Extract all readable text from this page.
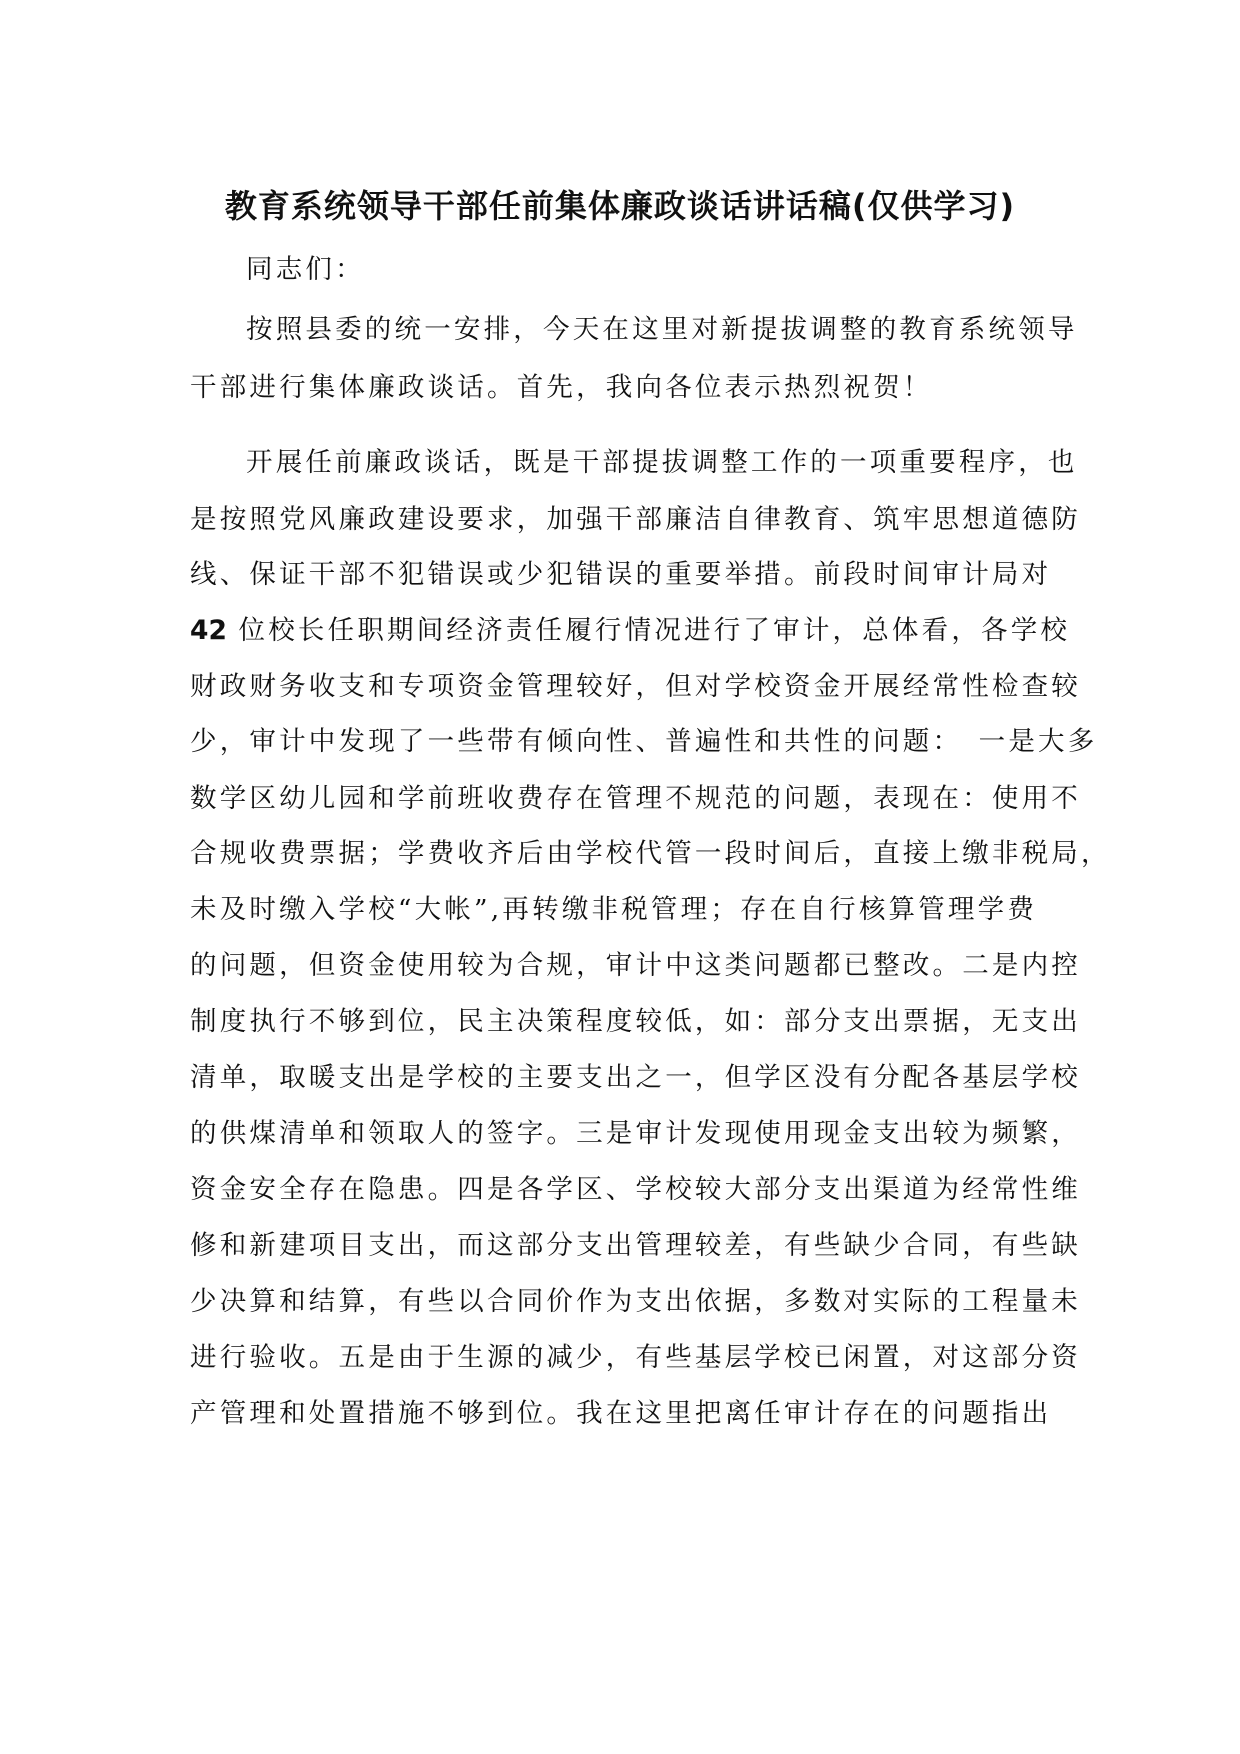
教育系统领导干部任前集体廉政谈话讲话稿(仅供学习)
同志们：
按照县委的统一安排，今天在这里对新提拔调整的教育系统领导
干部进行集体廉政谈话。首先，我向各位表示热烈祝贺！
开展任前廉政谈话，既是干部提拔调整工作的一项重要程序，也
是按照党风廉政建设要求，加强干部廉洁自律教育、筑牢思想道德防
线、保证干部不犯错误或少犯错误的重要举措。前段时间审计局对
42 位校长任职期间经济责任履行情况进行了审计，总体看，各学校
财政财务收支和专项资金管理较好，但对学校资金开展经常性检查较
少，审计中发现了一些带有倾向性、普遍性和共性的问题：　一是大多
数学区幼儿园和学前班收费存在管理不规范的问题，表现在：使用不
合规收费票据；学费收齐后由学校代管一段时间后，直接上缴非税局，
未及时缴入学校“大帐”,再转缴非税管理；存在自行核算管理学费
的问题，但资金使用较为合规，审计中这类问题都已整改。二是内控
制度执行不够到位，民主决策程度较低，如：部分支出票据，无支出
清单，取暖支出是学校的主要支出之一，但学区没有分配各基层学校
的供煤清单和领取人的签字。三是审计发现使用现金支出较为频繁，
资金安全存在隐患。四是各学区、学校较大部分支出渠道为经常性维
修和新建项目支出，而这部分支出管理较差，有些缺少合同，有些缺
少决算和结算，有些以合同价作为支出依据，多数对实际的工程量未
进行验收。五是由于生源的减少，有些基层学校已闲置，对这部分资
产管理和处置措施不够到位。我在这里把离任审计存在的问题指出
